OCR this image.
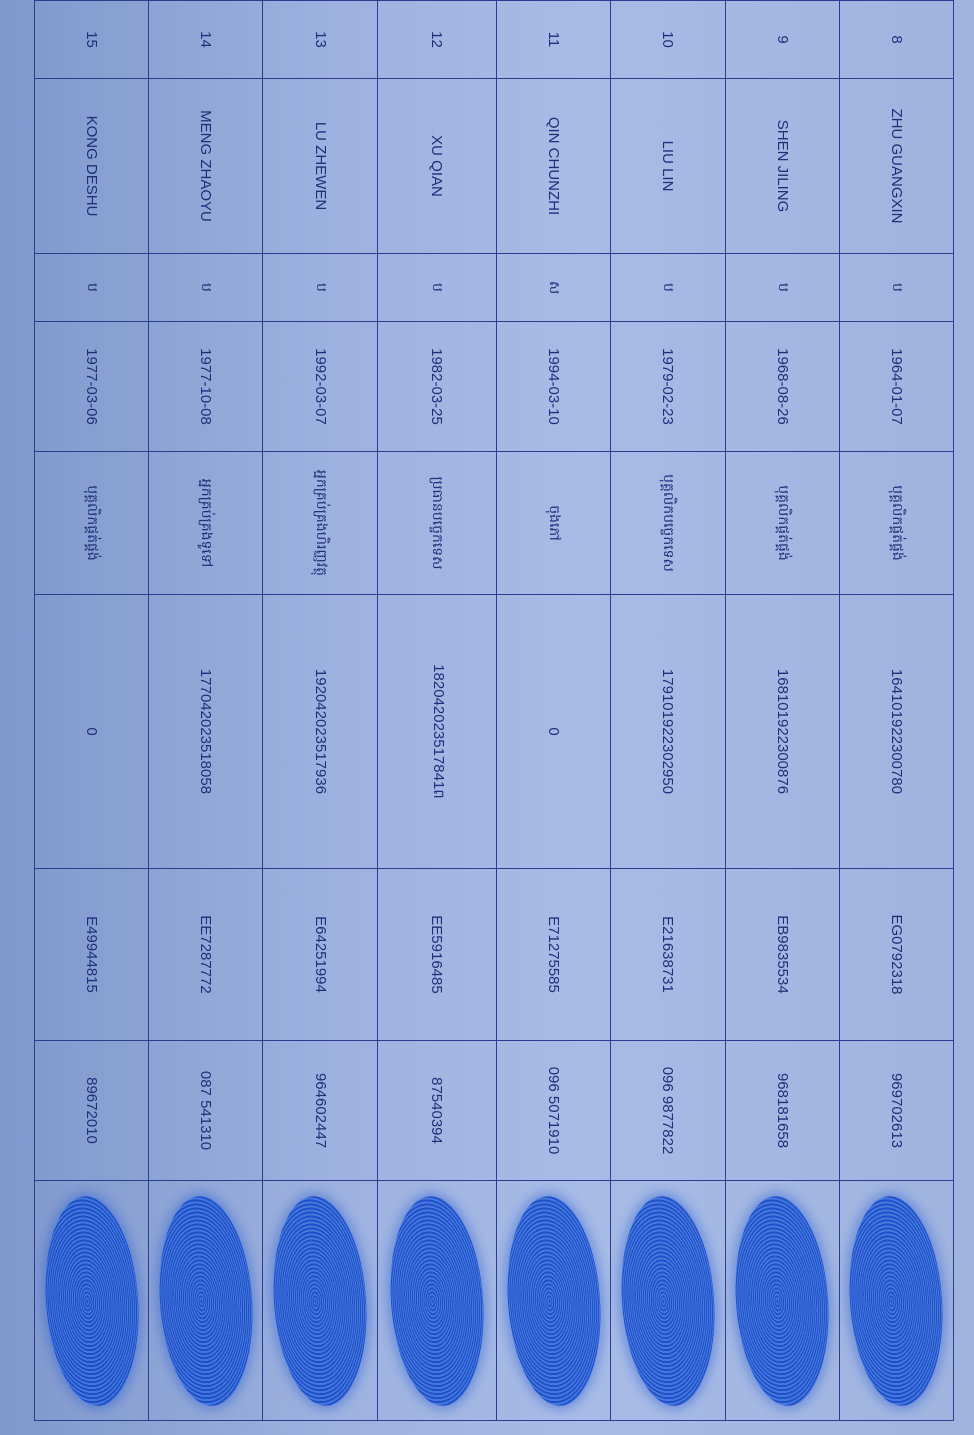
8	ZHU GUANGXIN	ប	1964-01-07	បុគ្គលិកផ្គត់ផ្គង់	164101922300780	EG0792318	969702613	

9	SHEN JILING	ប	1968-08-26	បុគ្គលិកផ្គត់ផ្គង់	168101922300876	EB9835534	968181658	

10	LIU LIN	ប	1979-02-23	បុគ្គលិកបច្ចេកទេស	179101922302950	E21638731	096 9877822	

11	QIN CHUNZHI	ស	1994-03-10	ចុងភៅ	0	E71275585	096 5071910	

12	XU QIAN	ប	1982-03-25	ប្រធានបច្ចេកទេស	182042023517841ព	EE5916485	87540394	

13	LU ZHEWEN	ប	1992-03-07	អ្នកគ្រប់គ្រងហិរញ្ញវត្ថុ	192042023517936	E64251994	964602447	

14	MENG ZHAOYU	ប	1977-10-08	អ្នកគ្រប់គ្រងទូទៅ	177042023518058	EE7287772	087 541310	

15	KONG DESHU	ប	1977-03-06	បុគ្គលិកផ្គត់ផ្គង់	0	E49944815	89672010	
